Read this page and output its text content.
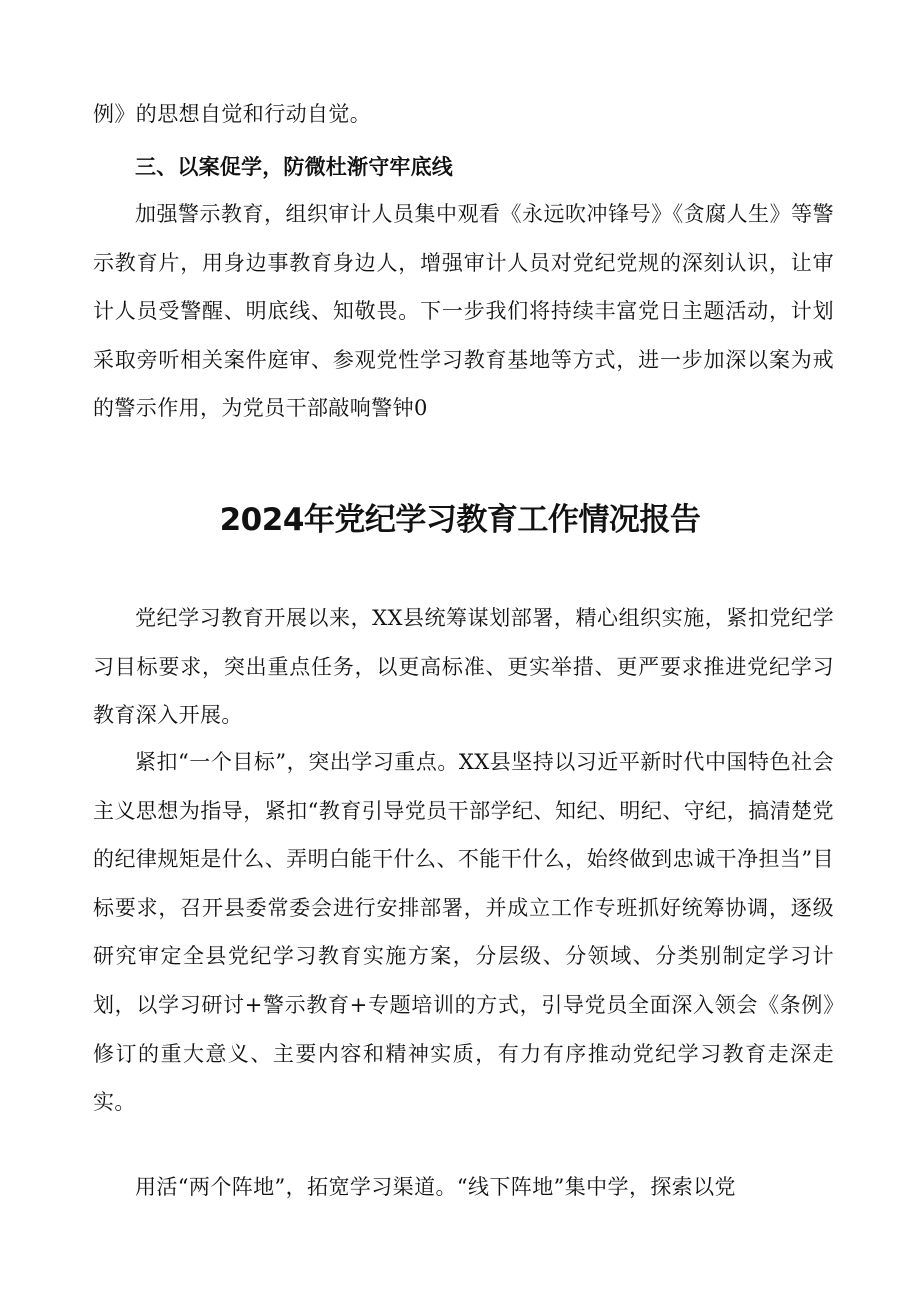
例》的思想自觉和行动自觉。

三、以案促学，防微杜渐守牢底线

加强警示教育，组织审计人员集中观看《永远吹冲锋号》《贪腐人生》等警示教育片，用身边事教育身边人，增强审计人员对党纪党规的深刻认识，让审计人员受警醒、明底线、知敬畏。下一步我们将持续丰富党日主题活动，计划采取旁听相关案件庭审、参观党性学习教育基地等方式，进一步加深以案为戒的警示作用，为党员干部敲响警钟0

2024年党纪学习教育工作情况报告

党纪学习教育开展以来，XX县统筹谋划部署，精心组织实施，紧扣党纪学习目标要求，突出重点任务，以更高标准、更实举措、更严要求推进党纪学习教育深入开展。

紧扣“一个目标”，突出学习重点。XX县坚持以习近平新时代中国特色社会主义思想为指导，紧扣“教育引导党员干部学纪、知纪、明纪、守纪，搞清楚党的纪律规矩是什么、弄明白能干什么、不能干什么，始终做到忠诚干净担当”目标要求，召开县委常委会进行安排部署，并成立工作专班抓好统筹协调，逐级研究审定全县党纪学习教育实施方案，分层级、分领域、分类别制定学习计划，以学习研讨+警示教育+专题培训的方式，引导党员全面深入领会《条例》修订的重大意义、主要内容和精神实质，有力有序推动党纪学习教育走深走实。

用活“两个阵地”，拓宽学习渠道。“线下阵地”集中学，探索以党
